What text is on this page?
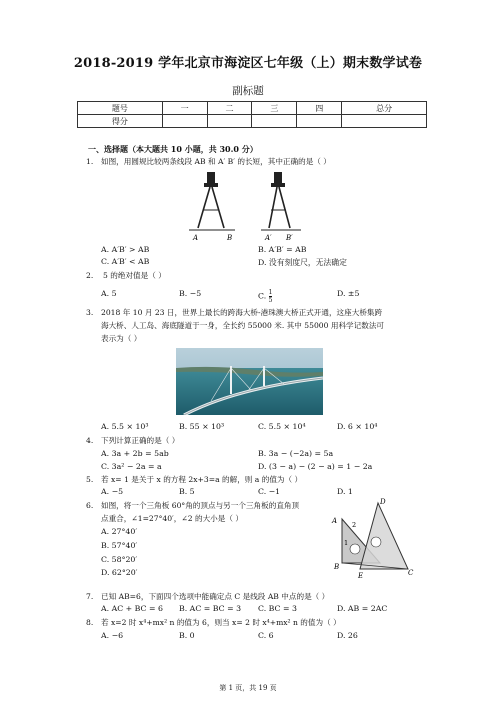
2018-2019 学年北京市海淀区七年级（上）期末数学试卷
副标题
题号	一	二	三	四	总分
得分					
一、选择题（本大题共 10 小题，共 30.0 分）
1. 如图，用圆规比较两条线段 AB 和 A′ B′ 的长短，其中正确的是（ ）
A	B	A′ B′
A. A′B′ > AB	B. A′B′ = AB
C. A′B′ < AB	D. 没有刻度尺，无法确定
2. 5 的绝对值是（ ）
A. 5	B. −5	C. $\frac{1}{5}$	D. ±5
3. 2018 年 10 月 23 日，世界上最长的跨海大桥-港珠澳大桥正式开通，这座大桥集跨
海大桥、人工岛、海底隧道于一身，全长约 55000 米. 其中 55000 用科学记数法可
表示为（ ）
A. 5.5 × 10³	B. 55 × 10³	C. 5.5 × 10⁴	D. 6 × 10⁴
4. 下列计算正确的是（ ）
A. 3a + 2b = 5ab	B. 3a − (−2a) = 5a
C. 3a² − 2a = a	D. (3 − a) − (2 − a) = 1 − 2a
5. 若 x= 1 是关于 x 的方程 2x+3=a 的解，则 a 的值为（ ）
A. −5	B. 5	C. −1	D. 1
6. 如图，将一个三角板 60°角的顶点与另一个三角板的直角顶
点重合，∠1=27°40′，∠2 的大小是（ ）
A. 27°40′
B. 57°40′
C. 58°20′
D. 62°20′
A
D
B
E	C
1
2
7. 已知 AB=6，下面四个选项中能确定点 C 是线段 AB 中点的是（ ）
A. AC + BC = 6 B. AC = BC = 3 C. BC = 3	D. AB = 2AC
8. 若 x=2 时 x⁴+mx² n 的值为 6，则当 x= 2 时 x⁴+mx² n 的值为（ ）
A. −6	B. 0	C. 6	D. 26
第 1 页，共 19 页
